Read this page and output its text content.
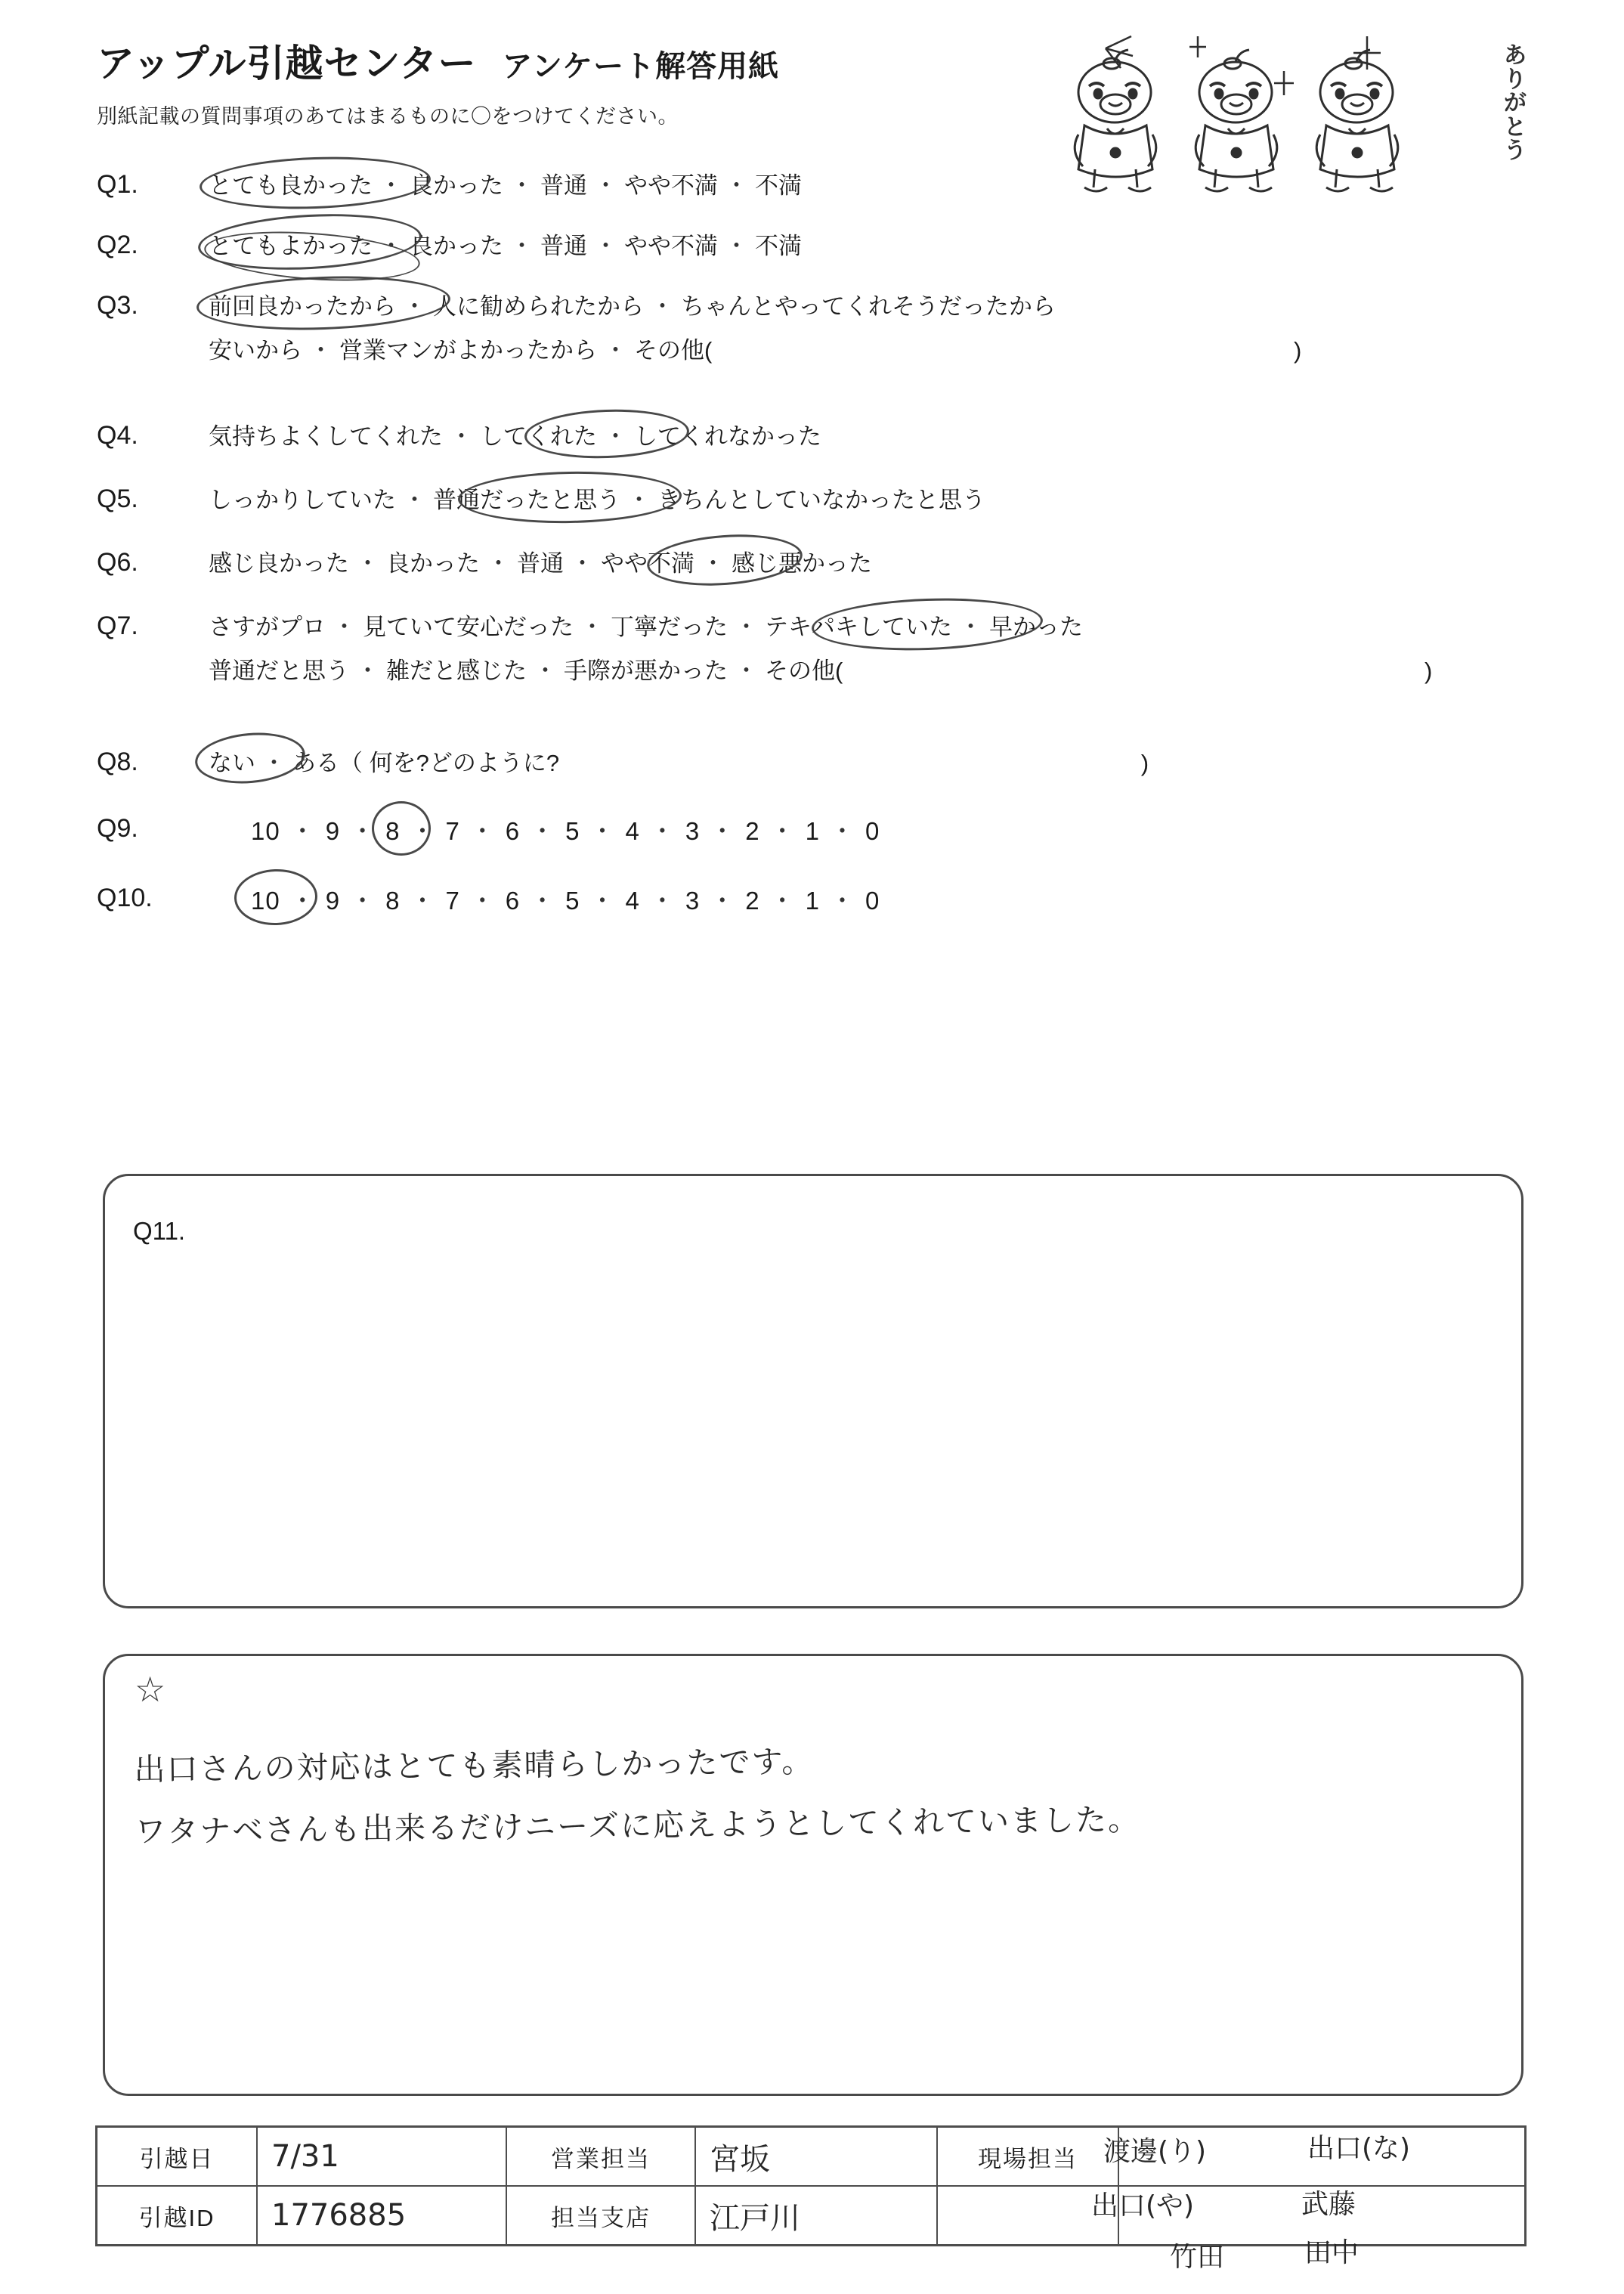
アップル引越センター アンケート解答用紙
別紙記載の質問事項のあてはまるものに〇をつけてください。
ありがとう
Q1.	とても良かった ・ 良かった ・ 普通 ・ やや不満 ・ 不満
Q2.	とてもよかった ・ 良かった ・ 普通 ・ やや不満 ・ 不満
Q3.	前回良かったから ・ 人に勧められたから ・ ちゃんとやってくれそうだったから
安いから ・ 営業マンがよかったから ・ その他(	)
Q4.	気持ちよくしてくれた ・ してくれた ・ してくれなかった
Q5.	しっかりしていた ・ 普通だったと思う ・ きちんとしていなかったと思う
Q6.	感じ良かった ・ 良かった ・ 普通 ・ やや不満 ・ 感じ悪かった
Q7.	さすがプロ ・ 見ていて安心だった ・ 丁寧だった ・ テキパキしていた ・ 早かった
普通だと思う ・ 雑だと感じた ・ 手際が悪かった ・ その他(	)
Q8.	ない ・ ある（ 何を?どのように?	)
Q9.	10 ・ 9 ・ 8 ・ 7 ・ 6 ・ 5 ・ 4 ・ 3 ・ 2 ・ 1 ・ 0
Q10.	10 ・ 9 ・ 8 ・ 7 ・ 6 ・ 5 ・ 4 ・ 3 ・ 2 ・ 1 ・ 0
Q11.
☆
出口さんの対応はとても素晴らしかったです。
ワタナベさんも出来るだけニーズに応えようとしてくれていました。
引越日	7/31	営業担当	宮坂	現場担当
引越ID	1776885	担当支店	江戸川
渡邊(り)	出口(な)
出口(や)	武藤
竹田	田中
